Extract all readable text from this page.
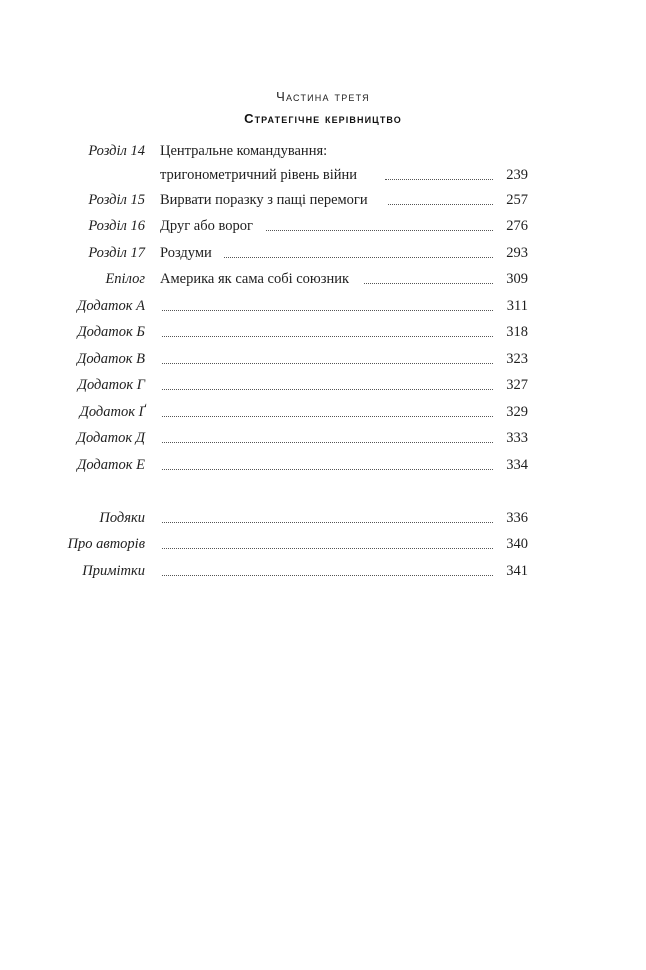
Частина третя
Стратегічне керівництво
Розділ 14 Центральне командування:
тригонометричний рівень війни	239
Розділ 15 Вирвати поразку з пащі перемоги	257
Розділ 16 Друг або ворог	276
Розділ 17 Роздуми	293
Епілог Америка як сама собі союзник	309
Додаток А	311
Додаток Б	318
Додаток В	323
Додаток Г	327
Додаток Ґ	329
Додаток Д	333
Додаток Е	334
Подяки	336
Про авторів	340
Примітки	341
